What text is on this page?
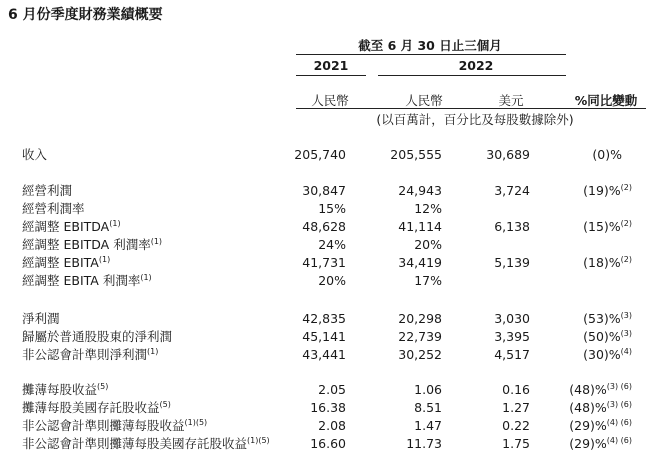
6 月份季度財務業績概要
截至 6 月 30 日止三個月
2021	2022
人民幣	人民幣	美元	%同比變動
(以百萬計，百分比及每股數據除外)
收入	205,740	205,555	30,689	(0)%
經營利潤	30,847	24,943	3,724	(19)%$^{(2)}$
經營利潤率	15%	12%
經調整 EBITDA$^{(1)}$	48,628	41,114	6,138	(15)%$^{(2)}$
經調整 EBITDA 利潤率$^{(1)}$	24%	20%
經調整 EBITA$^{(1)}$	41,731	34,419	5,139	(18)%$^{(2)}$
經調整 EBITA 利潤率$^{(1)}$	20%	17%
淨利潤	42,835	20,298	3,030	(53)%$^{(3)}$
歸屬於普通股股東的淨利潤	45,141	22,739	3,395	(50)%$^{(3)}$
非公認會計準則淨利潤$^{(1)}$	43,441	30,252	4,517	(30)%$^{(4)}$
攤薄每股收益$^{(5)}$	2.05	1.06	0.16	(48)%$^{(3) (6)}$
攤薄每股美國存託股收益$^{(5)}$	16.38	8.51	1.27	(48)%$^{(3) (6)}$
非公認會計準則攤薄每股收益$^{(1)(5)}$	2.08	1.47	0.22	(29)%$^{(4) (6)}$
非公認會計準則攤薄每股美國存託股收益$^{(1)(5)}$	16.60	11.73	1.75	(29)%$^{(4) (6)}$
